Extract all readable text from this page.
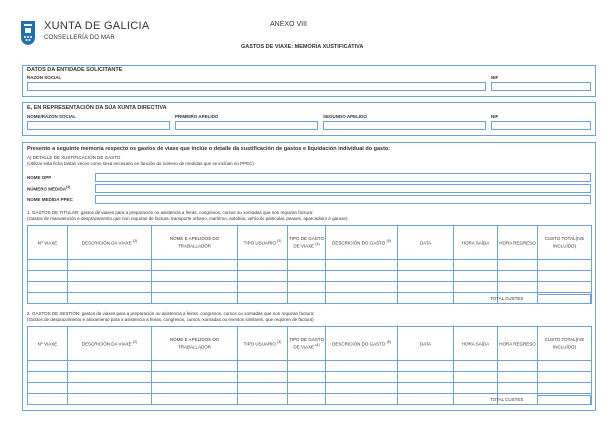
XUNTA DE GALICIA
CONSELLERÍA DO MAR
ANEXO VIII
GASTOS DE VIAXE: MEMORIA XUSTIFICATIVA
DATOS DA ENTIDADE SOLICITANTE
RAZÓN SOCIAL	NIF
E, EN REPRESENTACIÓN DA SÚA XUNTA DIRECTIVA
NOME/RAZÓN SOCIAL	PRIMEIRO APELIDO	SEGUNDO APELIDO	NIF
Presento a seguinte memoria respecto os gastos de viaxe que inclúe o detalle da xustificación de gastos e liquidación individual do gasto:
A) DETALLE DE XUSTIFICACIÓN DE GASTO
(Utilizar esta ficha tantas veces como sexa necesario en función do número de medidas que se inclúan no PPEC)
NOME OPP
NÚMERO MEDIDA$^{(1)}$
NOME MEDIDA PPEC
1. GASTOS DE TITULAR: gastos de viaxes para a preparación ou asistencia a feiras, congresos, cursos ou xornadas que non requiran factura:
(Gastos de manutención e desprazamento que non requiran de factura: transporte urbano, marítimo, autobús, vehículo particular, peaxes, aparcadoiro e garaxe)
Nº VIAXE	DESCRICIÓN DA VIAXE $^{(2)}$	NOME E APELIDOS DO TRABALLADOR	TIPO USUARIO $^{(3)}$	TIPO DE GASTO DE VIAXE $^{(4)}$	DESCRICIÓN DO GASTO $^{(5)}$	DATA	HORA SAÍDA	HORA REGRESO	CUSTO TOTAL(IVE INCLUÍDO)

TOTAL CUSTES
2. GASTOS DE XESTIÓN: gastos de viaxes para a preparación ou asistencia a feiras, congresos, cursos ou xornadas que non requiran factura:
(Gastos de desprazamento e aloxamento para a asistencia a feiras, congresos, cursos, xornadas ou eventos similares, que requiren de factura)
Nº VIAXE	DESCRICIÓN DA VIAXE $^{(2)}$	NOME E APELIDOS DO TRABALLADOR	TIPO USUARIO $^{(3)}$	TIPO DE GASTO DE VIAXE $^{(4)}$	DESCRICIÓN DO GASTO $^{(5)}$	DATA	HORA SAÍDA	HORA REGRESO	CUSTO TOTAL(IVE INCLUÍDO)

TOTAL CUSTES
